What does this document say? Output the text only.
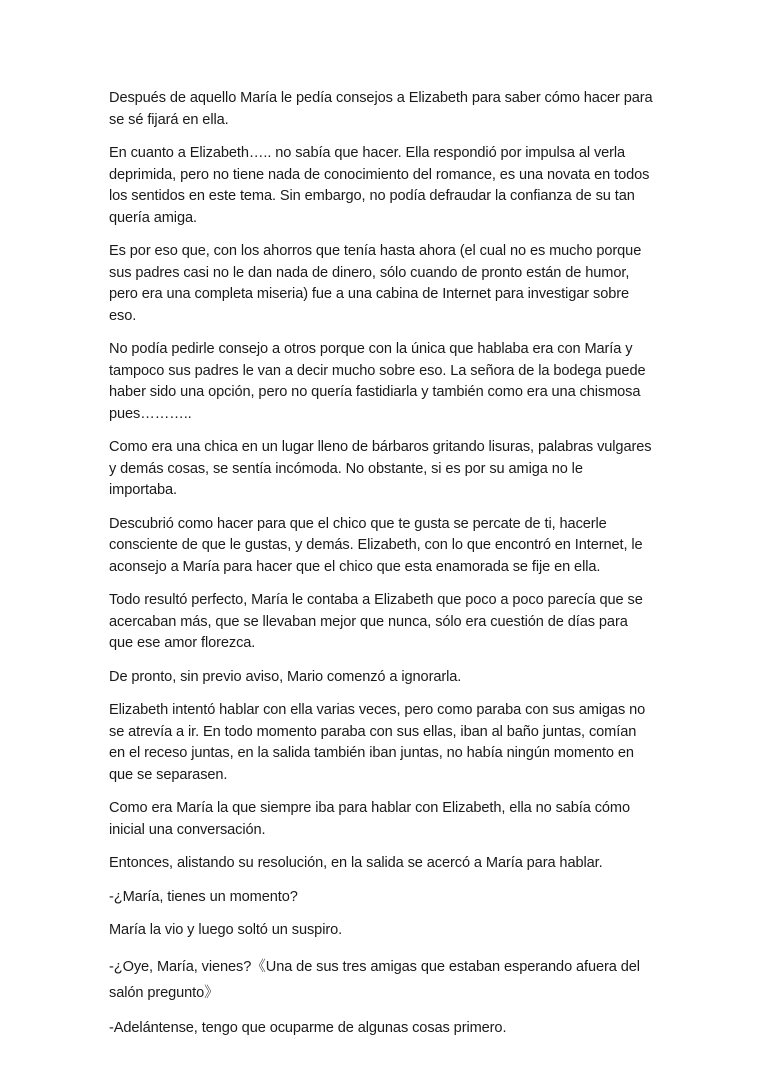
Después de aquello María le pedía consejos a Elizabeth para saber cómo hacer para se sé fijará en ella.

En cuanto a Elizabeth….. no sabía que hacer. Ella respondió por impulsa al verla deprimida, pero no tiene nada de conocimiento del romance, es una novata en todos los sentidos en este tema. Sin embargo, no podía defraudar la confianza de su tan quería amiga.

Es por eso que, con los ahorros que tenía hasta ahora (el cual no es mucho porque sus padres casi no le dan nada de dinero, sólo cuando de pronto están de humor, pero era una completa miseria) fue a una cabina de Internet para investigar sobre eso.

No podía pedirle consejo a otros porque con la única que hablaba era con María y tampoco sus padres le van a decir mucho sobre eso. La señora de la bodega puede haber sido una opción, pero no quería fastidiarla y también como era una chismosa pues………..

Como era una chica en un lugar lleno de bárbaros gritando lisuras, palabras vulgares y demás cosas, se sentía incómoda. No obstante, si es por su amiga no le importaba.

Descubrió como hacer para que el chico que te gusta se percate de ti, hacerle consciente de que le gustas, y demás. Elizabeth, con lo que encontró en Internet, le aconsejo a María para hacer que el chico que esta enamorada se fije en ella.

Todo resultó perfecto, María le contaba a Elizabeth que poco a poco parecía que se acercaban más, que se llevaban mejor que nunca, sólo era cuestión de días para que ese amor florezca.

De pronto, sin previo aviso, Mario comenzó a ignorarla.

Elizabeth intentó hablar con ella varias veces, pero como paraba con sus amigas no se atrevía a ir. En todo momento paraba con sus ellas, iban al baño juntas, comían en el receso juntas, en la salida también iban juntas, no había ningún momento en que se separasen.

Como era María la que siempre iba para hablar con Elizabeth, ella no sabía cómo inicial una conversación.

Entonces, alistando su resolución, en la salida se acercó a María para hablar.

-¿María, tienes un momento?

María la vio y luego soltó un suspiro.

-¿Oye, María, vienes?《Una de sus tres amigas que estaban esperando afuera del salón pregunto》

-Adelántense, tengo que ocuparme de algunas cosas primero.
